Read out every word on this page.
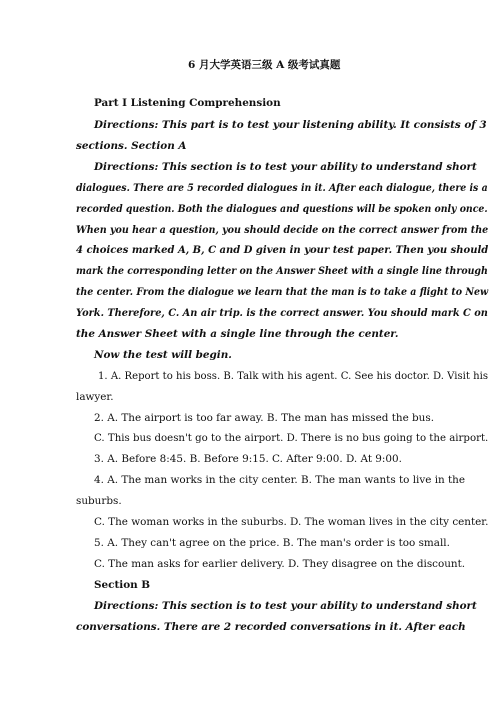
6 月大学英语三级 A 级考试真题
Part Ⅰ Listening Comprehension
Directions: This part is to test your listening ability. It consists of 3
sections. Section A
Directions: This section is to test your ability to understand short
dialogues. There are 5 recorded dialogues in it. After each dialogue, there is a
recorded question. Both the dialogues and questions will be spoken only once.
When you hear a question, you should decide on the correct answer from the
4 choices marked A, B, C and D given in your test paper. Then you should
mark the corresponding letter on the Answer Sheet with a single line through
the center. From the dialogue we learn that the man is to take a flight to New
York. Therefore, C. An air trip. is the correct answer. You should mark C on
the Answer Sheet with a single line through the center.
Now the test will begin.
1. A. Report to his boss. B. Talk with his agent. C. See his doctor. D. Visit his
lawyer.
2. A. The airport is too far away. B. The man has missed the bus.
C. This bus doesn't go to the airport. D. There is no bus going to the airport.
3. A. Before 8:45. B. Before 9:15. C. After 9:00. D. At 9:00.
4. A. The man works in the city center. B. The man wants to live in the
suburbs.
C. The woman works in the suburbs. D. The woman lives in the city center.
5. A. They can't agree on the price. B. The man's order is too small.
C. The man asks for earlier delivery. D. They disagree on the discount.
Section B
Directions: This section is to test your ability to understand short
conversations. There are 2 recorded conversations in it. After each
